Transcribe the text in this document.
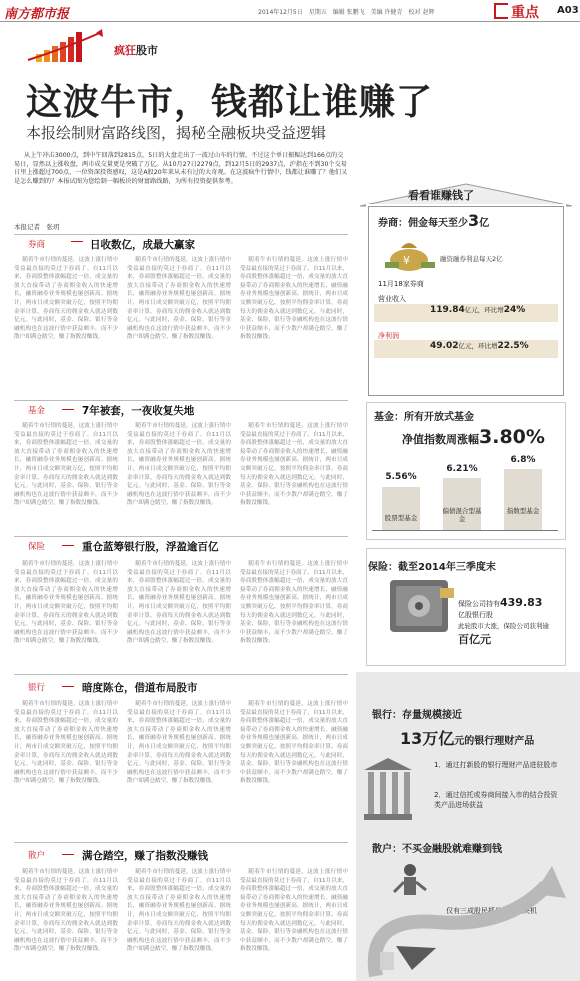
南方都市报	2014年12月5日　星期五　编辑 张鹏飞　美编 许健青　校对 赵辉	重点 A03
疯狂股市
这波牛市，钱都让谁赚了
本报绘制财富路线图，揭秘全融板块受益逻辑
从上午冲击3000点，到中午回落到2815点，5日的大盘走出了一波过山车的行情，不过这个单日振幅达到166点的交易日，显然以上涨收盘，两市成交量更是突破了万亿。从10月27日2279点，到12月5日的2937点，沪指在不到30个交易日里上涨超过700点，一位资深投资感叹，这是A股20年来从未有过的大奇观。在这波疯牛行情中，钱都让谁赚了？他们又是怎么赚到的？本报试图为您绘制一幅板块的财富路线路，为所有投资提供参考。
本报记者　张玥
券商	日收数亿，成最大赢家
随着牛市行情的蔓延，这波上涨行情中受益最直接的莫过于券商了。自11月以来，券商股整体涨幅超过一倍，成交量的放大直接带动了券商佣金收入的快速增长，融资融券业务规模也屡创新高。据统计，两市日成交额突破万亿，按照平均佣金率计算，券商每天的佣金收入就达到数亿元。与此同时，基金、保险、银行等金融机构也在这波行情中获益颇丰，而不少散户却满仓踏空，赚了指数没赚钱。
随着牛市行情的蔓延，这波上涨行情中受益最直接的莫过于券商了。自11月以来，券商股整体涨幅超过一倍，成交量的放大直接带动了券商佣金收入的快速增长，融资融券业务规模也屡创新高。据统计，两市日成交额突破万亿，按照平均佣金率计算，券商每天的佣金收入就达到数亿元。与此同时，基金、保险、银行等金融机构也在这波行情中获益颇丰，而不少散户却满仓踏空，赚了指数没赚钱。
随着牛市行情的蔓延，这波上涨行情中受益最直接的莫过于券商了。自11月以来，券商股整体涨幅超过一倍，成交量的放大直接带动了券商佣金收入的快速增长，融资融券业务规模也屡创新高。据统计，两市日成交额突破万亿，按照平均佣金率计算，券商每天的佣金收入就达到数亿元。与此同时，基金、保险、银行等金融机构也在这波行情中获益颇丰，而不少散户却满仓踏空，赚了指数没赚钱。
基金	7年被套，一夜收复失地
随着牛市行情的蔓延，这波上涨行情中受益最直接的莫过于券商了。自11月以来，券商股整体涨幅超过一倍，成交量的放大直接带动了券商佣金收入的快速增长，融资融券业务规模也屡创新高。据统计，两市日成交额突破万亿，按照平均佣金率计算，券商每天的佣金收入就达到数亿元。与此同时，基金、保险、银行等金融机构也在这波行情中获益颇丰，而不少散户却满仓踏空，赚了指数没赚钱。
随着牛市行情的蔓延，这波上涨行情中受益最直接的莫过于券商了。自11月以来，券商股整体涨幅超过一倍，成交量的放大直接带动了券商佣金收入的快速增长，融资融券业务规模也屡创新高。据统计，两市日成交额突破万亿，按照平均佣金率计算，券商每天的佣金收入就达到数亿元。与此同时，基金、保险、银行等金融机构也在这波行情中获益颇丰，而不少散户却满仓踏空，赚了指数没赚钱。
随着牛市行情的蔓延，这波上涨行情中受益最直接的莫过于券商了。自11月以来，券商股整体涨幅超过一倍，成交量的放大直接带动了券商佣金收入的快速增长，融资融券业务规模也屡创新高。据统计，两市日成交额突破万亿，按照平均佣金率计算，券商每天的佣金收入就达到数亿元。与此同时，基金、保险、银行等金融机构也在这波行情中获益颇丰，而不少散户却满仓踏空，赚了指数没赚钱。
保险	重仓蓝筹银行股，浮盈逾百亿
随着牛市行情的蔓延，这波上涨行情中受益最直接的莫过于券商了。自11月以来，券商股整体涨幅超过一倍，成交量的放大直接带动了券商佣金收入的快速增长，融资融券业务规模也屡创新高。据统计，两市日成交额突破万亿，按照平均佣金率计算，券商每天的佣金收入就达到数亿元。与此同时，基金、保险、银行等金融机构也在这波行情中获益颇丰，而不少散户却满仓踏空，赚了指数没赚钱。
随着牛市行情的蔓延，这波上涨行情中受益最直接的莫过于券商了。自11月以来，券商股整体涨幅超过一倍，成交量的放大直接带动了券商佣金收入的快速增长，融资融券业务规模也屡创新高。据统计，两市日成交额突破万亿，按照平均佣金率计算，券商每天的佣金收入就达到数亿元。与此同时，基金、保险、银行等金融机构也在这波行情中获益颇丰，而不少散户却满仓踏空，赚了指数没赚钱。
随着牛市行情的蔓延，这波上涨行情中受益最直接的莫过于券商了。自11月以来，券商股整体涨幅超过一倍，成交量的放大直接带动了券商佣金收入的快速增长，融资融券业务规模也屡创新高。据统计，两市日成交额突破万亿，按照平均佣金率计算，券商每天的佣金收入就达到数亿元。与此同时，基金、保险、银行等金融机构也在这波行情中获益颇丰，而不少散户却满仓踏空，赚了指数没赚钱。
银行	暗度陈仓，借道布局股市
随着牛市行情的蔓延，这波上涨行情中受益最直接的莫过于券商了。自11月以来，券商股整体涨幅超过一倍，成交量的放大直接带动了券商佣金收入的快速增长，融资融券业务规模也屡创新高。据统计，两市日成交额突破万亿，按照平均佣金率计算，券商每天的佣金收入就达到数亿元。与此同时，基金、保险、银行等金融机构也在这波行情中获益颇丰，而不少散户却满仓踏空，赚了指数没赚钱。
随着牛市行情的蔓延，这波上涨行情中受益最直接的莫过于券商了。自11月以来，券商股整体涨幅超过一倍，成交量的放大直接带动了券商佣金收入的快速增长，融资融券业务规模也屡创新高。据统计，两市日成交额突破万亿，按照平均佣金率计算，券商每天的佣金收入就达到数亿元。与此同时，基金、保险、银行等金融机构也在这波行情中获益颇丰，而不少散户却满仓踏空，赚了指数没赚钱。
随着牛市行情的蔓延，这波上涨行情中受益最直接的莫过于券商了。自11月以来，券商股整体涨幅超过一倍，成交量的放大直接带动了券商佣金收入的快速增长，融资融券业务规模也屡创新高。据统计，两市日成交额突破万亿，按照平均佣金率计算，券商每天的佣金收入就达到数亿元。与此同时，基金、保险、银行等金融机构也在这波行情中获益颇丰，而不少散户却满仓踏空，赚了指数没赚钱。
散户	满仓踏空，赚了指数没赚钱
随着牛市行情的蔓延，这波上涨行情中受益最直接的莫过于券商了。自11月以来，券商股整体涨幅超过一倍，成交量的放大直接带动了券商佣金收入的快速增长，融资融券业务规模也屡创新高。据统计，两市日成交额突破万亿，按照平均佣金率计算，券商每天的佣金收入就达到数亿元。与此同时，基金、保险、银行等金融机构也在这波行情中获益颇丰，而不少散户却满仓踏空，赚了指数没赚钱。
随着牛市行情的蔓延，这波上涨行情中受益最直接的莫过于券商了。自11月以来，券商股整体涨幅超过一倍，成交量的放大直接带动了券商佣金收入的快速增长，融资融券业务规模也屡创新高。据统计，两市日成交额突破万亿，按照平均佣金率计算，券商每天的佣金收入就达到数亿元。与此同时，基金、保险、银行等金融机构也在这波行情中获益颇丰，而不少散户却满仓踏空，赚了指数没赚钱。
随着牛市行情的蔓延，这波上涨行情中受益最直接的莫过于券商了。自11月以来，券商股整体涨幅超过一倍，成交量的放大直接带动了券商佣金收入的快速增长，融资融券业务规模也屡创新高。据统计，两市日成交额突破万亿，按照平均佣金率计算，券商每天的佣金收入就达到数亿元。与此同时，基金、保险、银行等金融机构也在这波行情中获益颇丰，而不少散户却满仓踏空，赚了指数没赚钱。
看看谁赚钱了
券商：佣金每天至少3亿
¥	融资融券利息每天2亿
11月18家券商
营业收入
119.84亿元，环比增24%
净利润
49.02亿元，环比增22.5%
基金：所有开放式基金
净值指数周涨幅3.80%
5.56%
6.21%
6.8%
股票型基金
偏债混合型基金
指数型基金
保险：截至2014年三季度末
保险公司持有439.83
亿股银行股
此轮股市大涨，保险公司获利逾
百亿元
银行：存量规模接近
13万亿元的银行理财产品
1．通过打新股的银行理财产品进驻股市
2．通过信托或券商间接入市的结合投资类产品进场获益
散户：不买金融股就难赚到钱
仅有三成股民抓住金融板块机会
